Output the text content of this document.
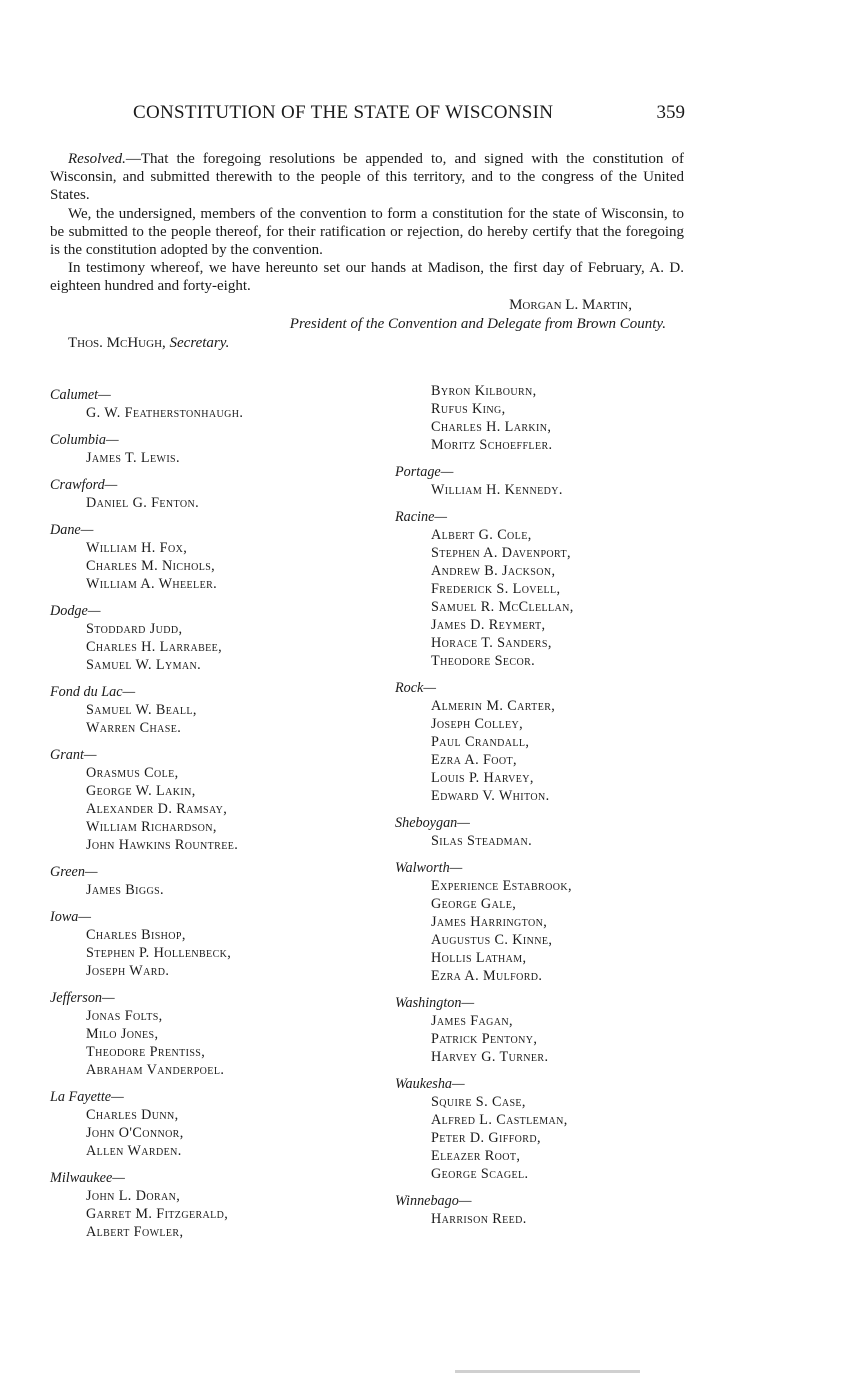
CONSTITUTION OF THE STATE OF WISCONSIN	359

Resolved.—That the foregoing resolutions be appended to, and signed with the constitution of Wisconsin, and submitted therewith to the people of this territory, and to the congress of the United States.

We, the undersigned, members of the convention to form a constitution for the state of Wisconsin, to be submitted to the people thereof, for their ratification or rejection, do hereby certify that the foregoing is the constitution adopted by the convention.

In testimony whereof, we have hereunto set our hands at Madison, the first day of February, A. D. eighteen hundred and forty-eight.

Morgan L. Martin,
President of the Convention and Delegate from Brown County.
Thos. McHugh, Secretary.
Calumet—
G. W. Featherstonhaugh.
Columbia—
James T. Lewis.
Crawford—
Daniel G. Fenton.
Dane—
William H. Fox,
Charles M. Nichols,
William A. Wheeler.
Dodge—
Stoddard Judd,
Charles H. Larrabee,
Samuel W. Lyman.
Fond du Lac—
Samuel W. Beall,
Warren Chase.
Grant—
Orasmus Cole,
George W. Lakin,
Alexander D. Ramsay,
William Richardson,
John Hawkins Rountree.
Green—
James Biggs.
Iowa—
Charles Bishop,
Stephen P. Hollenbeck,
Joseph Ward.
Jefferson—
Jonas Folts,
Milo Jones,
Theodore Prentiss,
Abraham Vanderpoel.
La Fayette—
Charles Dunn,
John O'Connor,
Allen Warden.
Milwaukee—
John L. Doran,
Garret M. Fitzgerald,
Albert Fowler,
Byron Kilbourn,
Rufus King,
Charles H. Larkin,
Moritz Schoeffler.
Portage—
William H. Kennedy.
Racine—
Albert G. Cole,
Stephen A. Davenport,
Andrew B. Jackson,
Frederick S. Lovell,
Samuel R. McClellan,
James D. Reymert,
Horace T. Sanders,
Theodore Secor.
Rock—
Almerin M. Carter,
Joseph Colley,
Paul Crandall,
Ezra A. Foot,
Louis P. Harvey,
Edward V. Whiton.
Sheboygan—
Silas Steadman.
Walworth—
Experience Estabrook,
George Gale,
James Harrington,
Augustus C. Kinne,
Hollis Latham,
Ezra A. Mulford.
Washington—
James Fagan,
Patrick Pentony,
Harvey G. Turner.
Waukesha—
Squire S. Case,
Alfred L. Castleman,
Peter D. Gifford,
Eleazer Root,
George Scagel.
Winnebago—
Harrison Reed.
